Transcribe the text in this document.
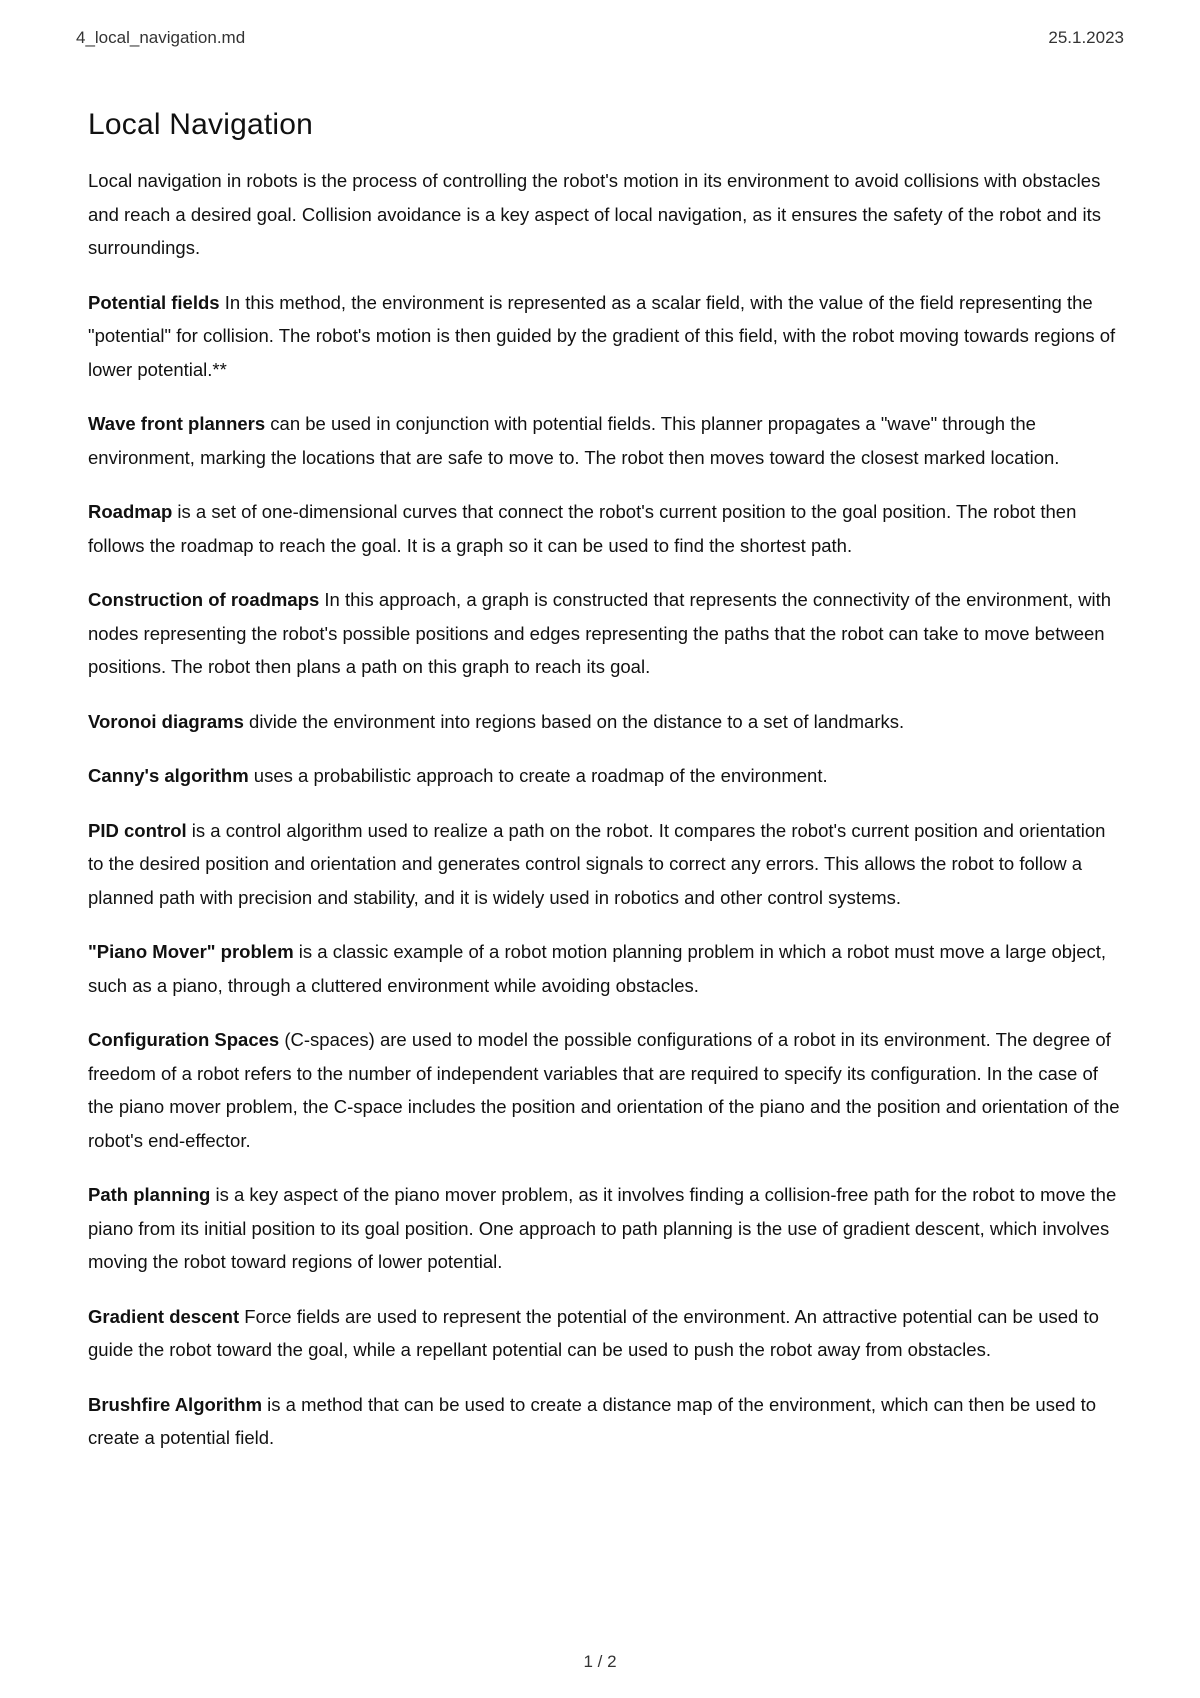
4_local_navigation.md	25.1.2023
Local Navigation

Local navigation in robots is the process of controlling the robot's motion in its environment to avoid collisions with obstacles and reach a desired goal. Collision avoidance is a key aspect of local navigation, as it ensures the safety of the robot and its surroundings.

Potential fields In this method, the environment is represented as a scalar field, with the value of the field representing the "potential" for collision. The robot's motion is then guided by the gradient of this field, with the robot moving towards regions of lower potential.**

Wave front planners can be used in conjunction with potential fields. This planner propagates a "wave" through the environment, marking the locations that are safe to move to. The robot then moves toward the closest marked location.

Roadmap is a set of one-dimensional curves that connect the robot's current position to the goal position. The robot then follows the roadmap to reach the goal. It is a graph so it can be used to find the shortest path.

Construction of roadmaps In this approach, a graph is constructed that represents the connectivity of the environment, with nodes representing the robot's possible positions and edges representing the paths that the robot can take to move between positions. The robot then plans a path on this graph to reach its goal.

Voronoi diagrams divide the environment into regions based on the distance to a set of landmarks.

Canny's algorithm uses a probabilistic approach to create a roadmap of the environment.

PID control is a control algorithm used to realize a path on the robot. It compares the robot's current position and orientation to the desired position and orientation and generates control signals to correct any errors. This allows the robot to follow a planned path with precision and stability, and it is widely used in robotics and other control systems.

"Piano Mover" problem is a classic example of a robot motion planning problem in which a robot must move a large object, such as a piano, through a cluttered environment while avoiding obstacles.

Configuration Spaces (C-spaces) are used to model the possible configurations of a robot in its environment. The degree of freedom of a robot refers to the number of independent variables that are required to specify its configuration. In the case of the piano mover problem, the C-space includes the position and orientation of the piano and the position and orientation of the robot's end-effector.

Path planning is a key aspect of the piano mover problem, as it involves finding a collision-free path for the robot to move the piano from its initial position to its goal position. One approach to path planning is the use of gradient descent, which involves moving the robot toward regions of lower potential.

Gradient descent Force fields are used to represent the potential of the environment. An attractive potential can be used to guide the robot toward the goal, while a repellant potential can be used to push the robot away from obstacles.

Brushfire Algorithm is a method that can be used to create a distance map of the environment, which can then be used to create a potential field.

1 / 2
